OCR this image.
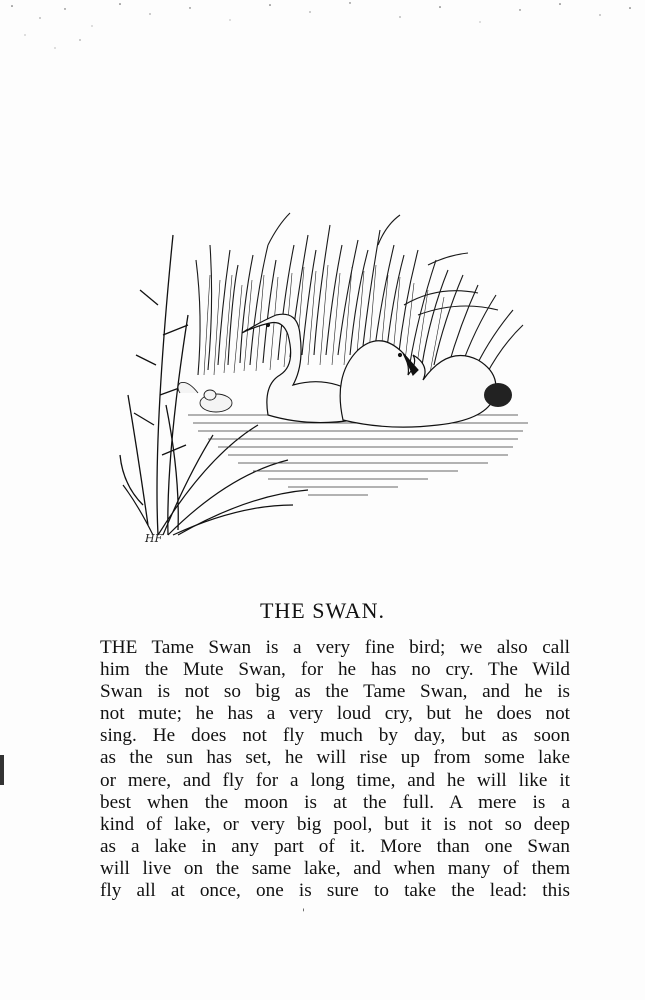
HF
THE SWAN.
THE Tame Swan is a very fine bird; we also call
him the Mute Swan, for he has no cry. The Wild
Swan is not so big as the Tame Swan, and he is
not mute; he has a very loud cry, but he does not
sing. He does not fly much by day, but as soon
as the sun has set, he will rise up from some lake
or mere, and fly for a long time, and he will like it
best when the moon is at the full. A mere is a
kind of lake, or very big pool, but it is not so deep
as a lake in any part of it. More than one Swan
will live on the same lake, and when many of them
fly all at once, one is sure to take the lead: this
'
